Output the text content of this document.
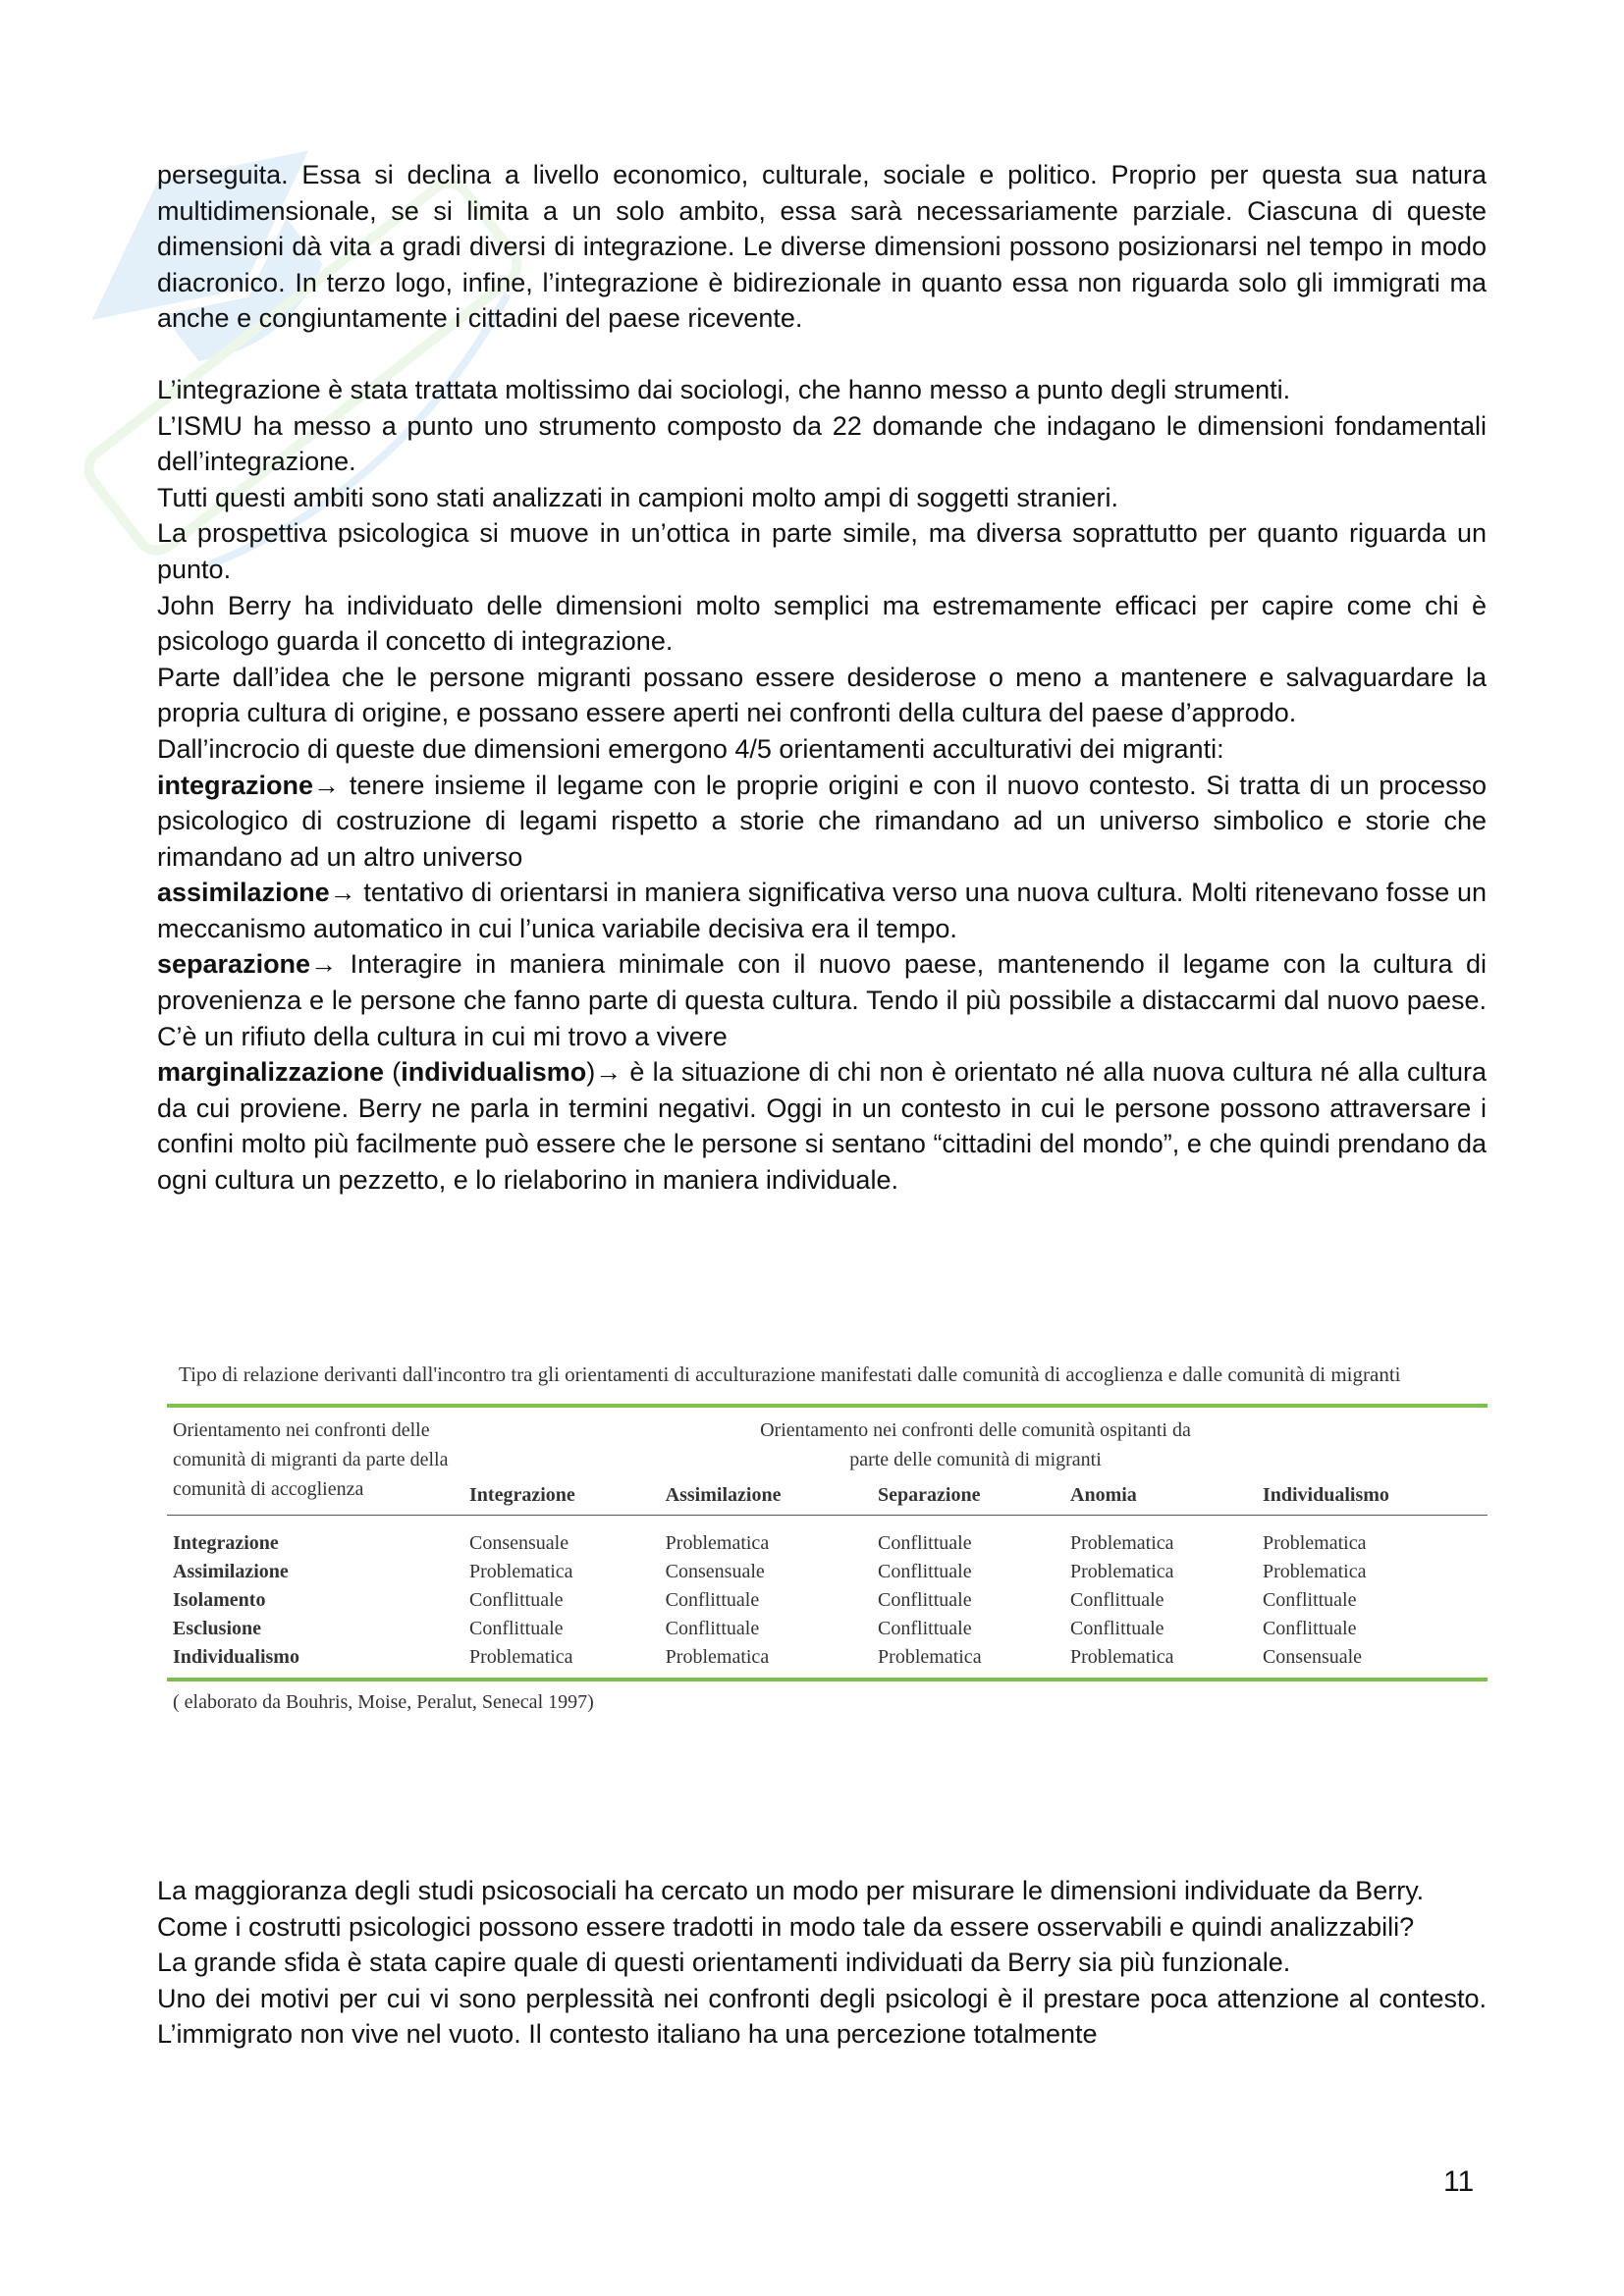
perseguita. Essa si declina a livello economico, culturale, sociale e politico. Proprio per questa sua natura multidimensionale, se si limita a un solo ambito, essa sarà necessariamente parziale. Ciascuna di queste dimensioni dà vita a gradi diversi di integrazione. Le diverse dimensioni possono posizionarsi nel tempo in modo diacronico. In terzo logo, infine, l’integrazione è bidirezionale in quanto essa non riguarda solo gli immigrati ma anche e congiuntamente i cittadini del paese ricevente.

L’integrazione è stata trattata moltissimo dai sociologi, che hanno messo a punto degli strumenti.

L’ISMU ha messo a punto uno strumento composto da 22 domande che indagano le dimensioni fondamentali dell’integrazione.

Tutti questi ambiti sono stati analizzati in campioni molto ampi di soggetti stranieri.

La prospettiva psicologica si muove in un’ottica in parte simile, ma diversa soprattutto per quanto riguarda un punto.

John Berry ha individuato delle dimensioni molto semplici ma estremamente efficaci per capire come chi è psicologo guarda il concetto di integrazione.

Parte dall’idea che le persone migranti possano essere desiderose o meno a mantenere e salvaguardare la propria cultura di origine, e possano essere aperti nei confronti della cultura del paese d’approdo.

Dall’incrocio di queste due dimensioni emergono 4/5 orientamenti acculturativi dei migranti:

integrazione→ tenere insieme il legame con le proprie origini e con il nuovo contesto. Si tratta di un processo psicologico di costruzione di legami rispetto a storie che rimandano ad un universo simbolico e storie che rimandano ad un altro universo

assimilazione→ tentativo di orientarsi in maniera significativa verso una nuova cultura. Molti ritenevano fosse un meccanismo automatico in cui l’unica variabile decisiva era il tempo.

separazione→ Interagire in maniera minimale con il nuovo paese, mantenendo il legame con la cultura di provenienza e le persone che fanno parte di questa cultura. Tendo il più possibile a distaccarmi dal nuovo paese. C’è un rifiuto della cultura in cui mi trovo a vivere

marginalizzazione (individualismo)→ è la situazione di chi non è orientato né alla nuova cultura né alla cultura da cui proviene. Berry ne parla in termini negativi. Oggi in un contesto in cui le persone possono attraversare i confini molto più facilmente può essere che le persone si sentano “cittadini del mondo”, e che quindi prendano da ogni cultura un pezzetto, e lo rielaborino in maniera individuale.

Tipo di relazione derivanti dall'incontro tra gli orientamenti di acculturazione manifestati dalle comunità di accoglienza e dalle comunità di migranti
Orientamento nei confronti delle comunità di migranti da parte della comunità di accoglienza	Orientamento nei confronti delle comunità ospitanti da parte delle comunità di migranti				

	Integrazione	Assimilazione	Separazione	Anomia	Individualismo
Integrazione	Consensuale	Problematica	Conflittuale	Problematica	Problematica
Assimilazione	Problematica	Consensuale	Conflittuale	Problematica	Problematica
Isolamento	Conflittuale	Conflittuale	Conflittuale	Conflittuale	Conflittuale
Esclusione	Conflittuale	Conflittuale	Conflittuale	Conflittuale	Conflittuale
Individualismo	Problematica	Problematica	Problematica	Problematica	Consensuale
( elaborato da Bouhris, Moise, Peralut, Senecal 1997)

La maggioranza degli studi psicosociali ha cercato un modo per misurare le dimensioni individuate da Berry.

Come i costrutti psicologici possono essere tradotti in modo tale da essere osservabili e quindi analizzabili?

La grande sfida è stata capire quale di questi orientamenti individuati da Berry sia più funzionale.

Uno dei motivi per cui vi sono perplessità nei confronti degli psicologi è il prestare poca attenzione al contesto. L’immigrato non vive nel vuoto. Il contesto italiano ha una percezione totalmente

11
